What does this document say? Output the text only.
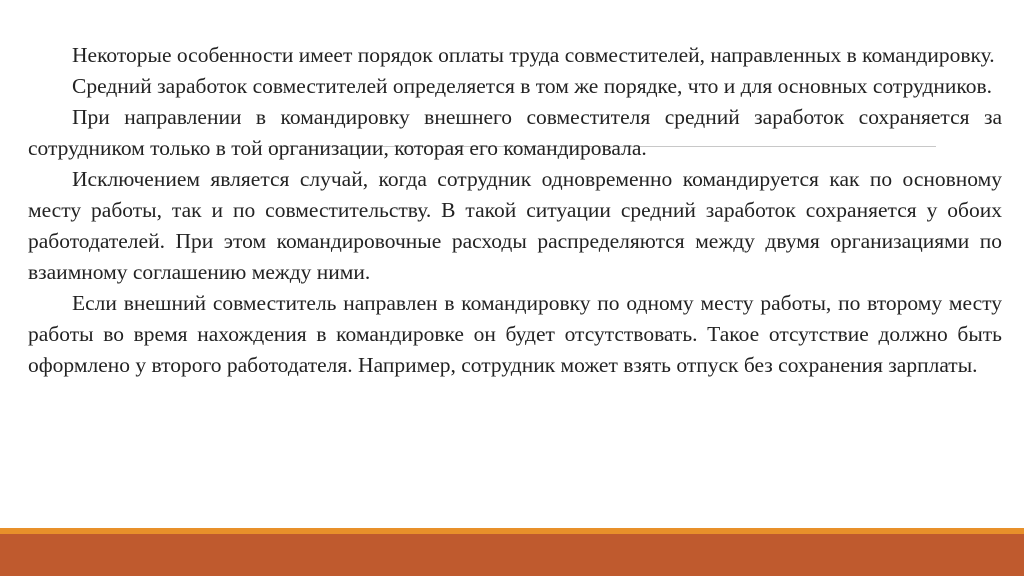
Некоторые особенности имеет порядок оплаты труда совместителей, направленных в командировку.

Средний заработок совместителей определяется в том же порядке, что и для основных сотрудников.

При направлении в командировку внешнего совместителя средний заработок сохраняется за сотрудником только в той организации, которая его командировала.

Исключением является случай, когда сотрудник одновременно командируется как по основному месту работы, так и по совместительству. В такой ситуации средний заработок сохраняется у обоих работодателей. При этом командировочные расходы распределяются между двумя организациями по взаимному соглашению между ними.

Если внешний совместитель направлен в командировку по одному месту работы, по второму месту работы во время нахождения в командировке он будет отсутствовать. Такое отсутствие должно быть оформлено у второго работодателя. Например, сотрудник может взять отпуск без сохранения зарплаты.
